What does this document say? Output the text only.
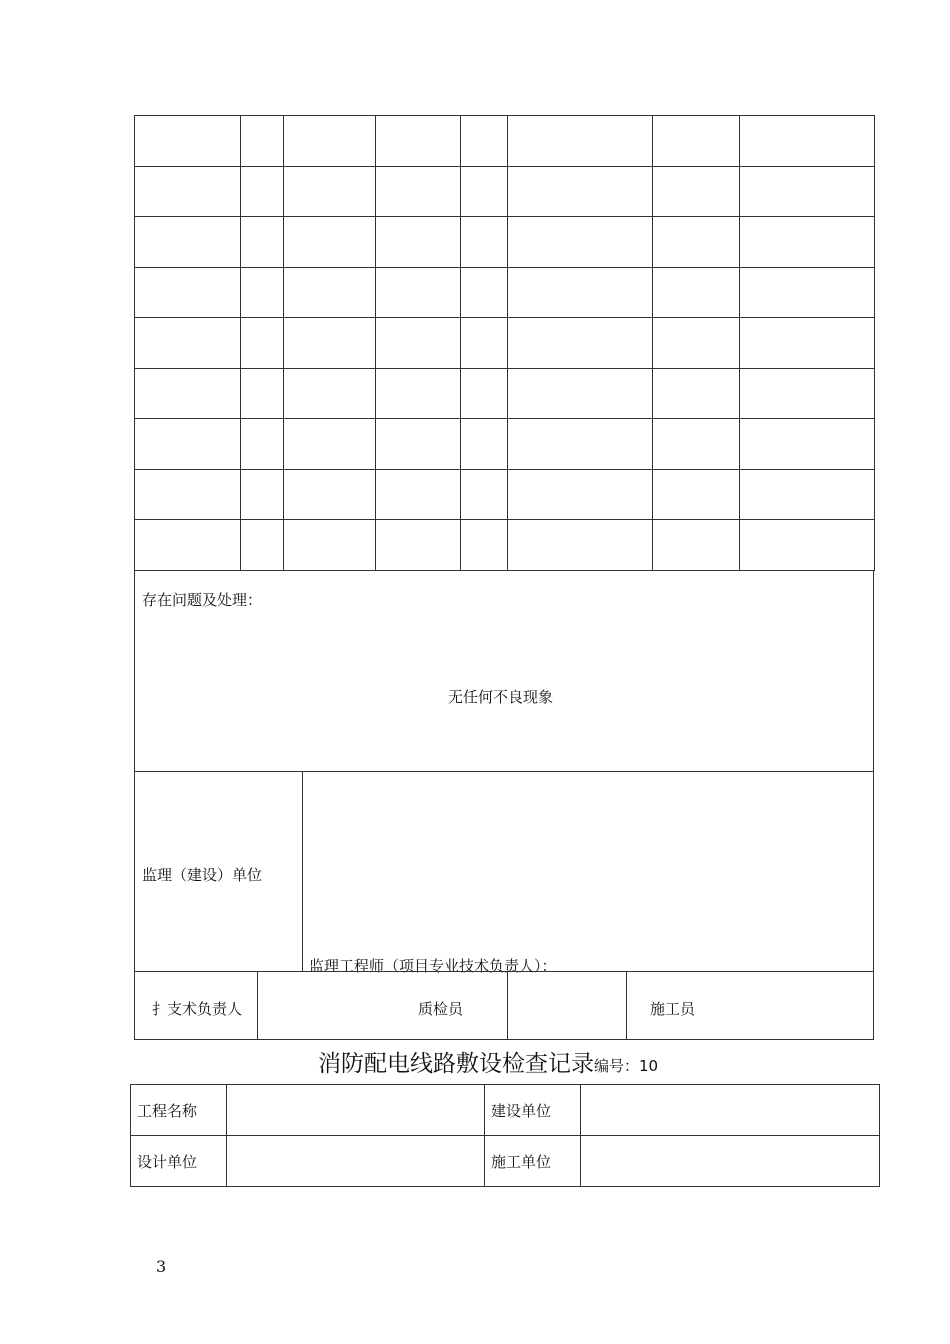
存在问题及处理：
无任何不良现象
监理（建设）单位
监理工程师（项目专业技术负责人）：
扌支术负责人	质检员	施工员
消防配电线路敷设检查记录编号：10
工程名称		建设单位	
设计单位		施工单位	
3
